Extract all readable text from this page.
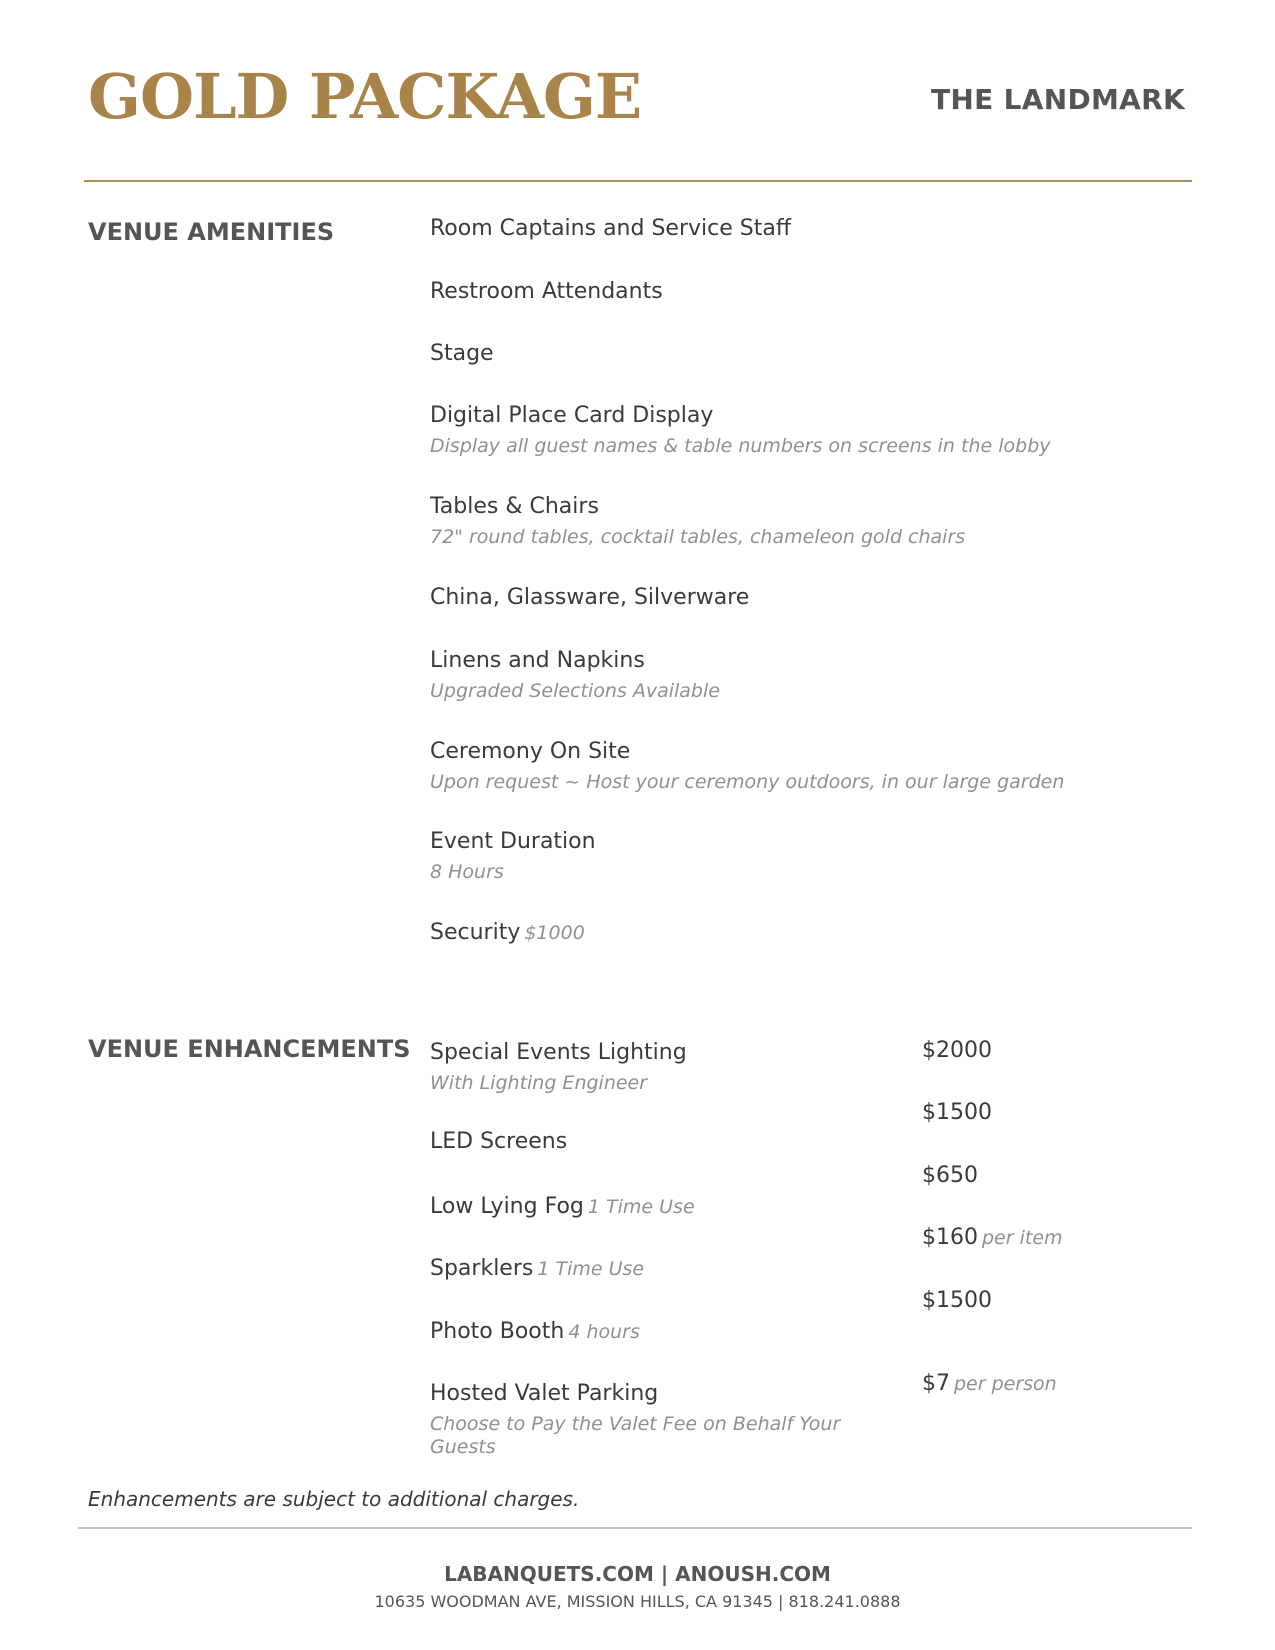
GOLD PACKAGE	THE LANDMARK
VENUE AMENITIES	Room Captains and Service Staff
Restroom Attendants
Stage
Digital Place Card Display
Display all guest names & table numbers on screens in the lobby
Tables & Chairs
72" round tables, cocktail tables, chameleon gold chairs
China, Glassware, Silverware
Linens and Napkins
Upgraded Selections Available
Ceremony On Site
Upon request ~ Host your ceremony outdoors, in our large garden
Event Duration
8 Hours
Security $1000
VENUE ENHANCEMENTS Special Events Lighting
With Lighting Engineer
LED Screens
Low Lying Fog 1 Time Use
Sparklers 1 Time Use
Photo Booth 4 hours
Hosted Valet Parking
Choose to Pay the Valet Fee on Behalf Your Guests
$2000
$1500
$650
$160 per item
$1500
$7 per person
Enhancements are subject to additional charges.
LABANQUETS.COM | ANOUSH.COM
10635 WOODMAN AVE, MISSION HILLS, CA 91345 | 818.241.0888
